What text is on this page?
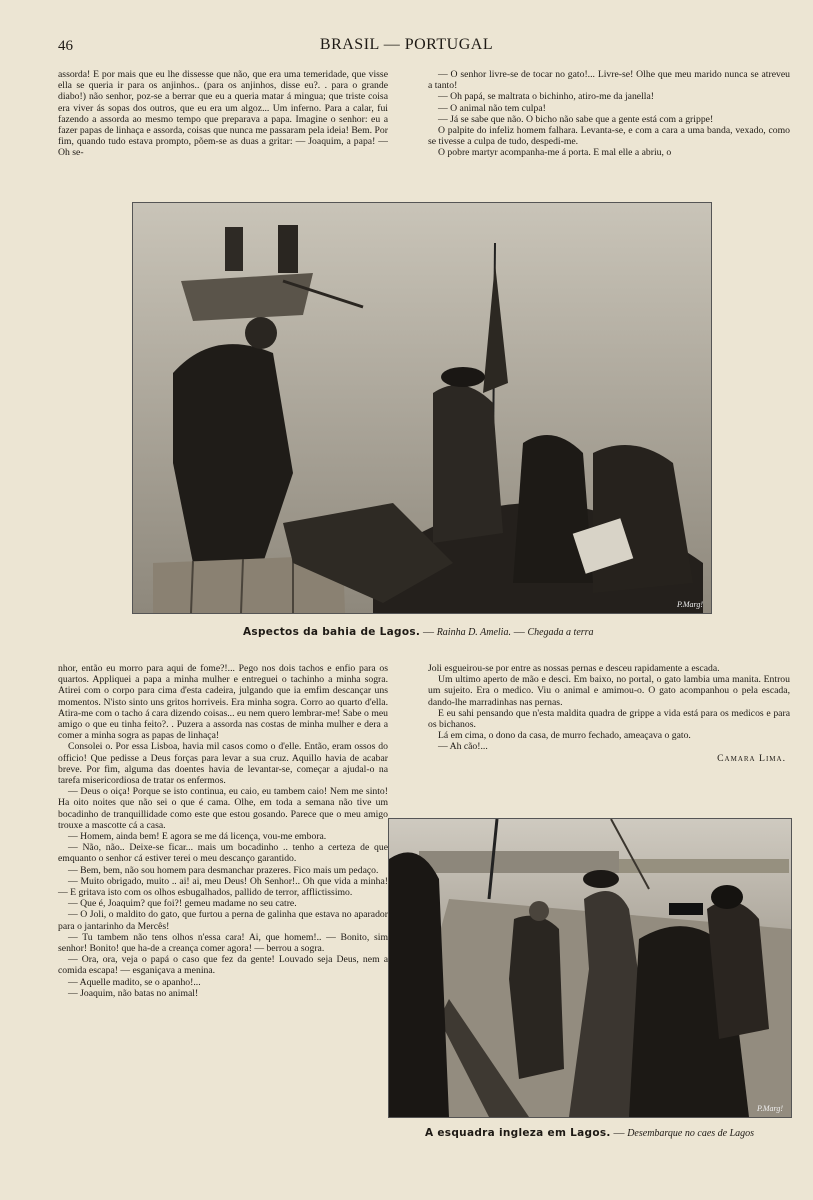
46	BRASIL — PORTUGAL

assorda! E por mais que eu lhe dissesse que não, que era uma temeridade, que visse ella se queria ir para os anjinhos.. (para os anjinhos, disse eu?. . para o grande diabo!) não senhor, poz-se a berrar que eu a queria matar á mingua; que triste coisa era viver ás sopas dos outros, que eu era um algoz... Um inferno. Para a calar, fui fazendo a assorda ao mesmo tempo que preparava a papa. Imagine o senhor: eu a fazer papas de linhaça e assorda, coisas que nunca me passaram pela ideia! Bem. Por fim, quando tudo estava prompto, põem-se as duas a gritar: — Joaquim, a papa! — Oh se-

— O senhor livre-se de tocar no gato!... Livre-se! Olhe que meu marido nunca se atreveu a tanto!

— Oh papá, se maltrata o bichinho, atiro-me da janella!

— O animal não tem culpa!

— Já se sabe que não. O bicho não sabe que a gente está com a grippe!

O palpite do infeliz homem falhara. Levanta-se, e com a cara a uma banda, vexado, como se tivesse a culpa de tudo, despedi-me.

O pobre martyr acompanha-me á porta. E mal elle a abriu, o

P.Marg!
Aspectos da bahia de Lagos. — Rainha D. Amelia. — Chegada a terra

nhor, então eu morro para aqui de fome?!... Pego nos dois tachos e enfio para os quartos. Appliquei a papa a minha mulher e entreguei o tachinho a minha sogra. Atirei com o corpo para cima d'esta cadeira, julgando que ia emfim descançar uns momentos. N'isto sinto uns gritos horriveis. Era minha sogra. Corro ao quarto d'ella. Atira-me com o tacho á cara dizendo coisas... eu nem quero lembrar-me! Sabe o meu amigo o que eu tinha feito?. . Puzera a assorda nas costas de minha mulher e dera a comer a minha sogra as papas de linhaça!

Consolei o. Por essa Lisboa, havia mil casos como o d'elle. Então, eram ossos do officio! Que pedisse a Deus forças para levar a sua cruz. Aquillo havia de acabar breve. Por fim, alguma das doentes havia de levantar-se, começar a ajudal-o na tarefa misericordiosa de tratar os enfermos.

— Deus o oiça! Porque se isto continua, eu caio, eu tambem caio! Nem me sinto! Ha oito noites que não sei o que é cama. Olhe, em toda a semana não tive um bocadinho de tranquillidade como este que estou gosando. Parece que o meu amigo trouxe a mascotte cá a casa.

— Homem, ainda bem! E agora se me dá licença, vou-me embora.

— Não, não.. Deixe-se ficar... mais um bocadinho .. tenho a certeza de que emquanto o senhor cá estiver terei o meu descanço garantido.

— Bem, bem, não sou homem para desmanchar prazeres. Fico mais um pedaço.

— Muito obrigado, muito .. ai! ai, meu Deus! Oh Senhor!.. Oh que vida a minha! — E gritava isto com os olhos esbugalhados, pallido de terror, afflictissimo.

— Que é, Joaquim? que foi?! gemeu madame no seu catre.

— O Joli, o maldito do gato, que furtou a perna de galinha que estava no aparador para o jantarinho da Mercês!

— Tu tambem não tens olhos n'essa cara! Ai, que homem!.. — Bonito, sim senhor! Bonito! que ha-de a creança comer agora! — berrou a sogra.

— Ora, ora, veja o papá o caso que fez da gente! Louvado seja Deus, nem a comida escapa! — esganiçava a menina.

— Aquelle madito, se o apanho!...

— Joaquim, não batas no animal!

Joli esgueirou-se por entre as nossas pernas e desceu rapidamente a escada.

Um ultimo aperto de mão e desci. Em baixo, no portal, o gato lambia uma manita. Entrou um sujeito. Era o medico. Viu o animal e amimou-o. O gato acompanhou o pela escada, dando-lhe marradinhas nas pernas.

E eu sahi pensando que n'esta maldita quadra de grippe a vida está para os medicos e para os bichanos.

Lá em cima, o dono da casa, de murro fechado, ameaçava o gato.

— Ah cão!...

Camara Lima.

P.Marg!
A esquadra ingleza em Lagos. — Desembarque no caes de Lagos
